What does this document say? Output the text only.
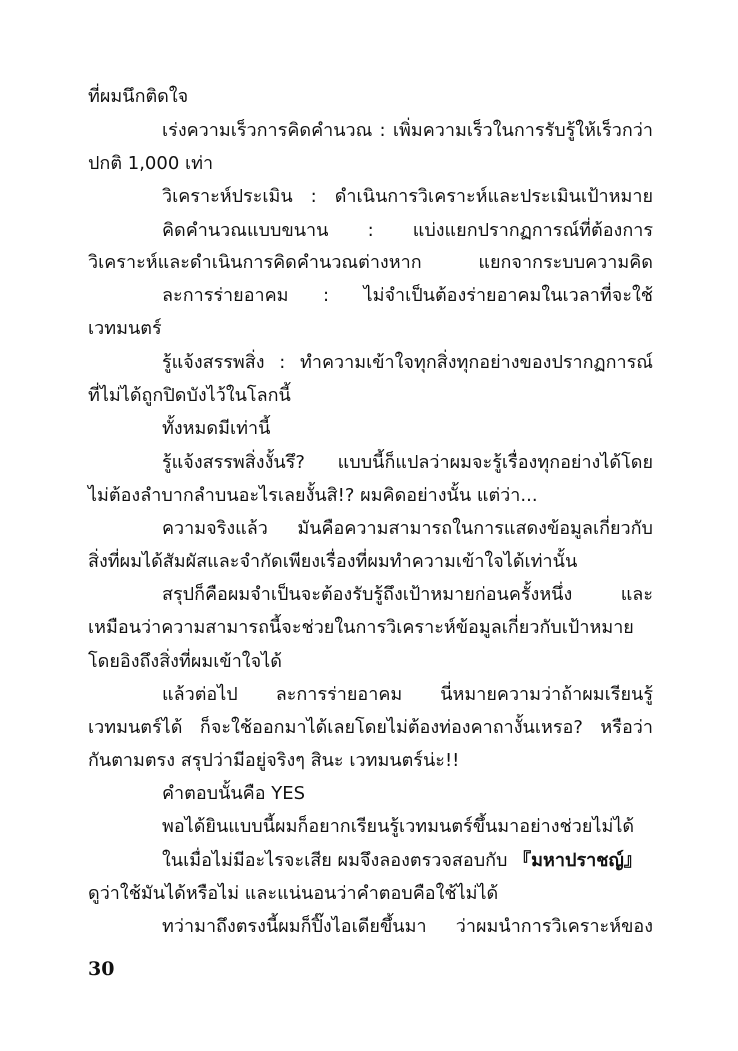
ที่ผมนึกติดใจ
เร่งความเร็วการคิดคำนวณ : เพิ่มความเร็วในการรับรู้ให้เร็วกว่า
ปกติ 1,000 เท่า
วิเคราะห์ประเมิน : ดำเนินการวิเคราะห์และประเมินเป้าหมาย
คิดคำนวณแบบขนาน : แบ่งแยกปรากฏการณ์ที่ต้องการ
วิเคราะห์และดำเนินการคิดคำนวณต่างหาก แยกจากระบบความคิด
ละการร่ายอาคม : ไม่จำเป็นต้องร่ายอาคมในเวลาที่จะใช้
เวทมนตร์
รู้แจ้งสรรพสิ่ง : ทำความเข้าใจทุกสิ่งทุกอย่างของปรากฏการณ์
ที่ไม่ได้ถูกปิดบังไว้ในโลกนี้
ทั้งหมดมีเท่านี้
รู้แจ้งสรรพสิ่งงั้นรึ? แบบนี้ก็แปลว่าผมจะรู้เรื่องทุกอย่างได้โดย
ไม่ต้องลำบากลำบนอะไรเลยงั้นสิ!? ผมคิดอย่างนั้น แต่ว่า...
ความจริงแล้ว มันคือความสามารถในการแสดงข้อมูลเกี่ยวกับ
สิ่งที่ผมได้สัมผัสและจำกัดเพียงเรื่องที่ผมทำความเข้าใจได้เท่านั้น
สรุปก็คือผมจำเป็นจะต้องรับรู้ถึงเป้าหมายก่อนครั้งหนึ่ง และ
เหมือนว่าความสามารถนี้จะช่วยในการวิเคราะห์ข้อมูลเกี่ยวกับเป้าหมาย
โดยอิงถึงสิ่งที่ผมเข้าใจได้
แล้วต่อไป ละการร่ายอาคม นี่หมายความว่าถ้าผมเรียนรู้
เวทมนตร์ได้ ก็จะใช้ออกมาได้เลยโดยไม่ต้องท่องคาถางั้นเหรอ? หรือว่า
กันตามตรง สรุปว่ามีอยู่จริงๆ สินะ เวทมนตร์น่ะ!!
คำตอบนั้นคือ YES
พอได้ยินแบบนี้ผมก็อยากเรียนรู้เวทมนตร์ขึ้นมาอย่างช่วยไม่ได้
ในเมื่อไม่มีอะไรจะเสีย ผมจึงลองตรวจสอบกับ 『มหาปราชญ์』
ดูว่าใช้มันได้หรือไม่ และแน่นอนว่าคำตอบคือใช้ไม่ได้
ทว่ามาถึงตรงนี้ผมก็ปิ๊งไอเดียขึ้นมา ว่าผมนำการวิเคราะห์ของ
30
